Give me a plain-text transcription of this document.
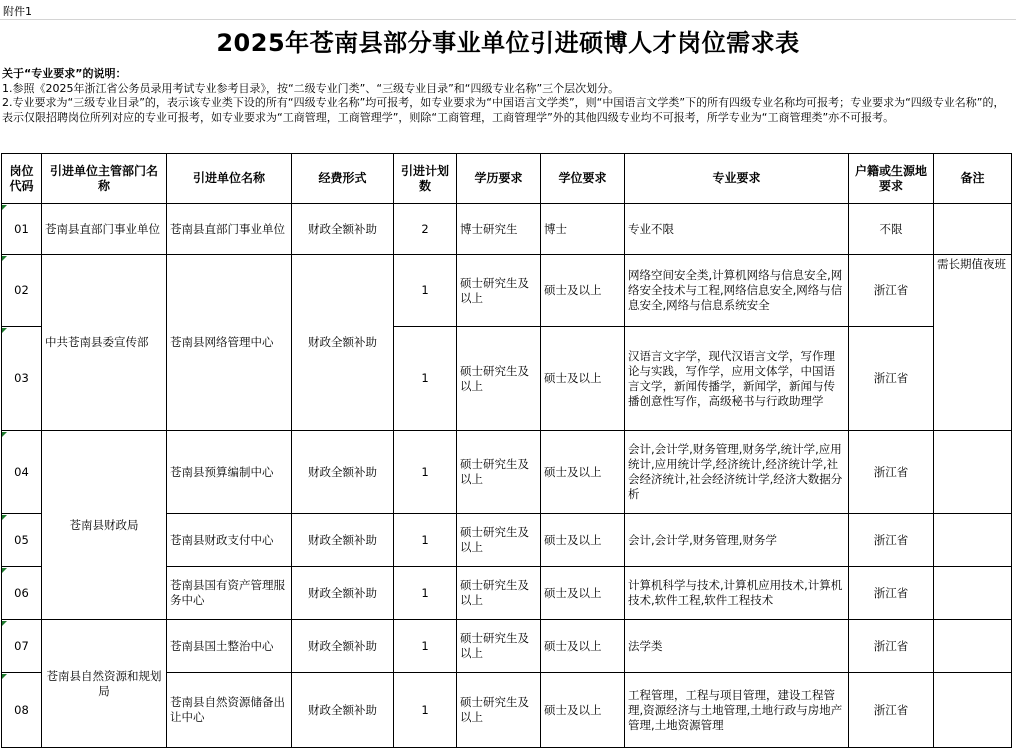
附件1
2025年苍南县部分事业单位引进硕博人才岗位需求表
关于“专业要求”的说明：
1.参照《2025年浙江省公务员录用考试专业参考目录》，按“二级专业门类”、“三级专业目录”和“四级专业名称”三个层次划分。
2.专业要求为“三级专业目录”的，表示该专业类下设的所有“四级专业名称”均可报考，如专业要求为“中国语言文学类”，则“中国语言文学类”下的所有四级专业名称均可报考；专业要求为“四级专业名称”的，表示仅限招聘岗位所列对应的专业可报考，如专业要求为“工商管理，工商管理学”，则除“工商管理，工商管理学”外的其他四级专业均不可报考，所学专业为“工商管理类”亦不可报考。
岗位代码	引进单位主管部门名称	引进单位名称	经费形式	引进计划数	学历要求	学位要求	专业要求	户籍或生源地要求	备注
01	苍南县直部门事业单位	苍南县直部门事业单位	财政全额补助	2	博士研究生	博士	专业不限	不限	
02	中共苍南县委宣传部	苍南县网络管理中心	财政全额补助	1	硕士研究生及以上	硕士及以上	网络空间安全类,计算机网络与信息安全,网络安全技术与工程,网络信息安全,网络与信息安全,网络与信息系统安全	浙江省	需长期值夜班
03				1	硕士研究生及以上	硕士及以上	汉语言文字学，现代汉语言文学，写作理论与实践，写作学，应用文体学，中国语言文学，新闻传播学，新闻学，新闻与传播创意性写作，高级秘书与行政助理学	浙江省	
04	苍南县财政局	苍南县预算编制中心	财政全额补助	1	硕士研究生及以上	硕士及以上	会计,会计学,财务管理,财务学,统计学,应用统计,应用统计学,经济统计,经济统计学,社会经济统计,社会经济统计学,经济大数据分析	浙江省	
05		苍南县财政支付中心	财政全额补助	1	硕士研究生及以上	硕士及以上	会计,会计学,财务管理,财务学	浙江省	
06		苍南县国有资产管理服务中心	财政全额补助	1	硕士研究生及以上	硕士及以上	计算机科学与技术,计算机应用技术,计算机技术,软件工程,软件工程技术	浙江省	
07	苍南县自然资源和规划局	苍南县国土整治中心	财政全额补助	1	硕士研究生及以上	硕士及以上	法学类	浙江省	
08		苍南县自然资源储备出让中心	财政全额补助	1	硕士研究生及以上	硕士及以上	工程管理，工程与项目管理，建设工程管理,资源经济与土地管理,土地行政与房地产管理,土地资源管理	浙江省	
